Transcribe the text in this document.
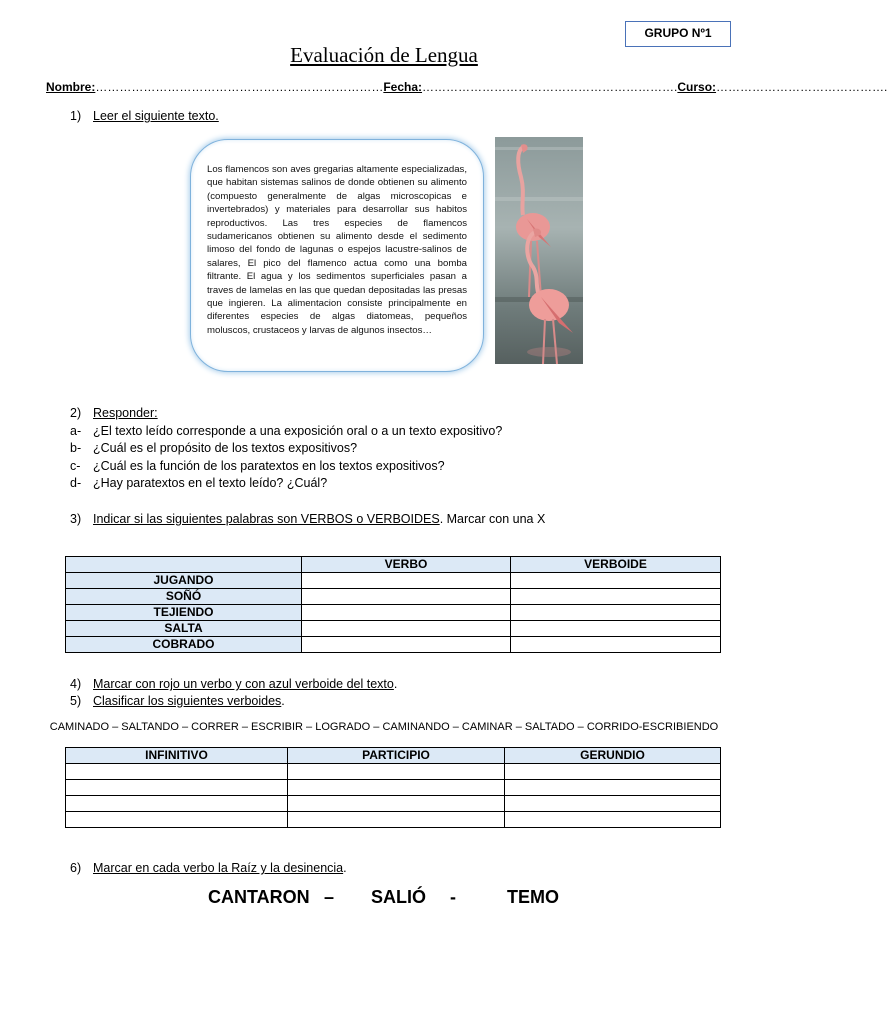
GRUPO Nº1
Evaluación de Lengua
Nombre:………………………………………………………………Fecha:……………………………………………………….Curso:…………………………………….
1) Leer el siguiente texto.
Los flamencos son aves gregarias altamente especializadas, que habitan sistemas salinos de donde obtienen su alimento (compuesto generalmente de algas microscopicas e invertebrados) y materiales para desarrollar sus habitos reproductivos. Las tres especies de flamencos sudamericanos obtienen su alimento desde el sedimento limoso del fondo de lagunas o espejos lacustre-salinos de salares, El pico del flamenco actua como una bomba filtrante. El agua y los sedimentos superficiales pasan a traves de lamelas en las que quedan depositadas las presas que ingieren. La alimentacion consiste principalmente en diferentes especies de algas diatomeas, pequeños moluscos, crustaceos y larvas de algunos insectos…
2) Responder:
a- ¿El texto leído corresponde a una exposición oral o a un texto expositivo?
b- ¿Cuál es el propósito de los textos expositivos?
c- ¿Cuál es la función de los paratextos en los textos expositivos?
d- ¿Hay paratextos en el texto leído? ¿Cuál?
3) Indicar si las siguientes palabras son VERBOS o VERBOIDES. Marcar con una X
	VERBO	VERBOIDE
JUGANDO		
SOÑÓ		
TEJIENDO		
SALTA		
COBRADO		
4) Marcar con rojo un verbo y con azul verboide del texto.
5) Clasificar los siguientes verboides.
CAMINADO – SALTANDO – CORRER – ESCRIBIR – LOGRADO – CAMINANDO – CAMINAR – SALTADO – CORRIDO-ESCRIBIENDO
INFINITIVO	PARTICIPIO	GERUNDIO

6) Marcar en cada verbo la Raíz y la desinencia.
CANTARON – SALIÓ -	TEMO
